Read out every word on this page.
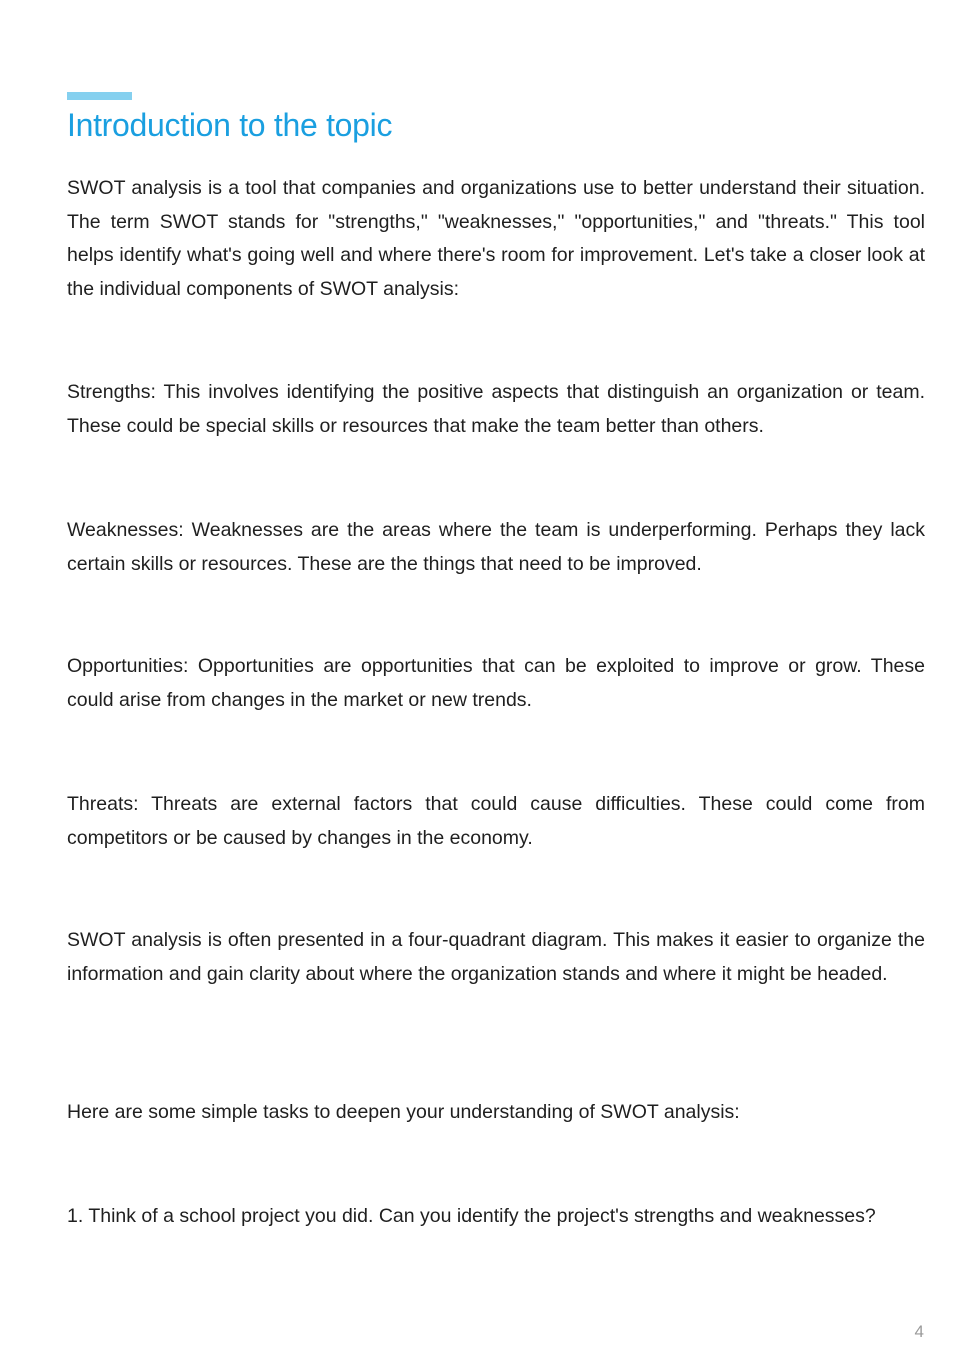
Introduction to the topic

SWOT analysis is a tool that companies and organizations use to better understand their situation. The term SWOT stands for "strengths," "weaknesses," "opportunities," and "threats." This tool helps identify what's going well and where there's room for improvement. Let's take a closer look at the individual components of SWOT analysis:

Strengths: This involves identifying the positive aspects that distinguish an organization or team. These could be special skills or resources that make the team better than others.

Weaknesses: Weaknesses are the areas where the team is underperforming. Perhaps they lack certain skills or resources. These are the things that need to be improved.

Opportunities: Opportunities are opportunities that can be exploited to improve or grow. These could arise from changes in the market or new trends.

Threats: Threats are external factors that could cause difficulties. These could come from competitors or be caused by changes in the economy.

SWOT analysis is often presented in a four-quadrant diagram. This makes it easier to organize the information and gain clarity about where the organization stands and where it might be headed.

Here are some simple tasks to deepen your understanding of SWOT analysis:

1. Think of a school project you did. Can you identify the project's strengths and weaknesses?

4
